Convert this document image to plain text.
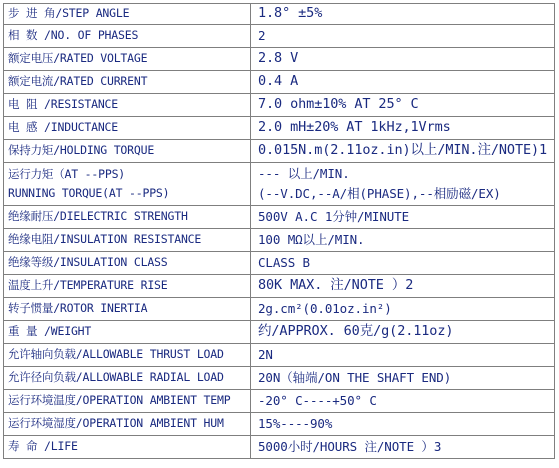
步 进 角/STEP ANGLE	1.8° ±5%

相 数 /NO. OF PHASES	2

额定电压/RATED VOLTAGE	2.8 V

额定电流/RATED CURRENT	0.4 A

电 阻 /RESISTANCE	7.0 ohm±10% AT 25° C

电 感 /INDUCTANCE	2.0 mH±20% AT 1kHz,1Vrms

保持力矩/HOLDING TORQUE	0.015N.m(2.11oz.in)以上/MIN.注/NOTE)1

运行力矩（AT --PPS)
RUNNING TORQUE(AT --PPS)	--- 以上/MIN.
(--V.DC,--A/相(PHASE),--相励磁/EX)

绝缘耐压/DIELECTRIC STRENGTH	500V A.C 1分钟/MINUTE

绝缘电阻/INSULATION RESISTANCE	100 MΩ以上/MIN.

绝缘等级/INSULATION CLASS	CLASS B

温度上升/TEMPERATURE RISE	80K MAX. 注/NOTE ）2

转子惯量/ROTOR INERTIA	2g.cm²(0.01oz.in²)

重 量 /WEIGHT	约/APPROX. 60克/g(2.11oz)

允许轴向负载/ALLOWABLE THRUST LOAD	2N

允许径向负载/ALLOWABLE RADIAL LOAD	20N（轴端/ON THE SHAFT END)

运行环境温度/OPERATION AMBIENT TEMP	-20° C----+50° C

运行环境湿度/OPERATION AMBIENT HUM	15%----90%

寿 命 /LIFE	5000小时/HOURS 注/NOTE ）3
